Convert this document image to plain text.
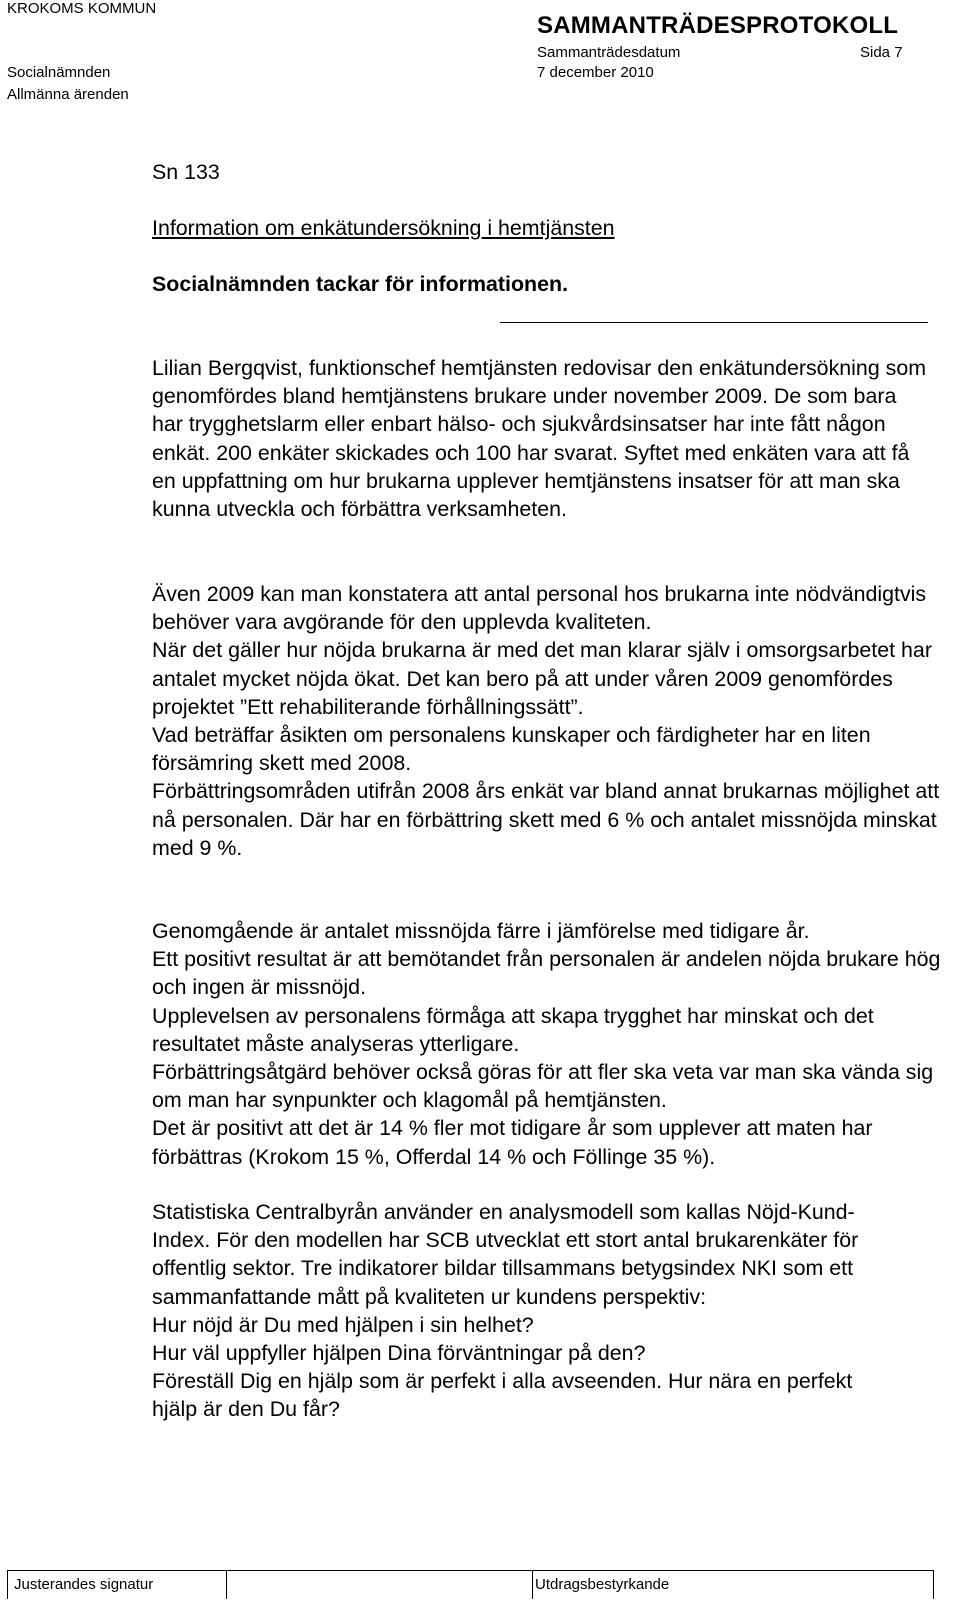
KROKOMS KOMMUN
SAMMANTRÄDESPROTOKOLL
Sammanträdesdatum	Sida 7
Socialnämnden	7 december 2010
Allmänna ärenden

Sn 133

Information om enkätundersökning i hemtjänsten

Socialnämnden tackar för informationen.

Lilian Bergqvist, funktionschef hemtjänsten redovisar den enkätundersökning som genomfördes bland hemtjänstens brukare under november 2009. De som bara har trygghetslarm eller enbart hälso- och sjukvårdsinsatser har inte fått någon enkät. 200 enkäter skickades och 100 har svarat. Syftet med enkäten vara att få en uppfattning om hur brukarna upplever hemtjänstens insatser för att man ska kunna utveckla och förbättra verksamheten.

Även 2009 kan man konstatera att antal personal hos brukarna inte nödvändigtvis behöver vara avgörande för den upplevda kvaliteten.
När det gäller hur nöjda brukarna är med det man klarar själv i omsorgsarbetet har antalet mycket nöjda ökat. Det kan bero på att under våren 2009 genomfördes projektet ”Ett rehabiliterande förhållningssätt”.
Vad beträffar åsikten om personalens kunskaper och färdigheter har en liten försämring skett med 2008.
Förbättringsområden utifrån 2008 års enkät var bland annat brukarnas möjlighet att nå personalen. Där har en förbättring skett med 6 % och antalet missnöjda minskat med 9 %.

Genomgående är antalet missnöjda färre i jämförelse med tidigare år.
Ett positivt resultat är att bemötandet från personalen är andelen nöjda brukare hög och ingen är missnöjd.
Upplevelsen av personalens förmåga att skapa trygghet har minskat och det resultatet måste analyseras ytterligare.
Förbättringsåtgärd behöver också göras för att fler ska veta var man ska vända sig om man har synpunkter och klagomål på hemtjänsten.
Det är positivt att det är 14 % fler mot tidigare år som upplever att maten har förbättras (Krokom 15 %, Offerdal 14 % och Föllinge 35 %).

Statistiska Centralbyrån använder en analysmodell som kallas Nöjd-Kund-Index. För den modellen har SCB utvecklat ett stort antal brukarenkäter för offentlig sektor. Tre indikatorer bildar tillsammans betygsindex NKI som ett sammanfattande mått på kvaliteten ur kundens perspektiv:
Hur nöjd är Du med hjälpen i sin helhet?
Hur väl uppfyller hjälpen Dina förväntningar på den?
Föreställ Dig en hjälp som är perfekt i alla avseenden. Hur nära en perfekt hjälp är den Du får?

Justerandes signatur	Utdragsbestyrkande
